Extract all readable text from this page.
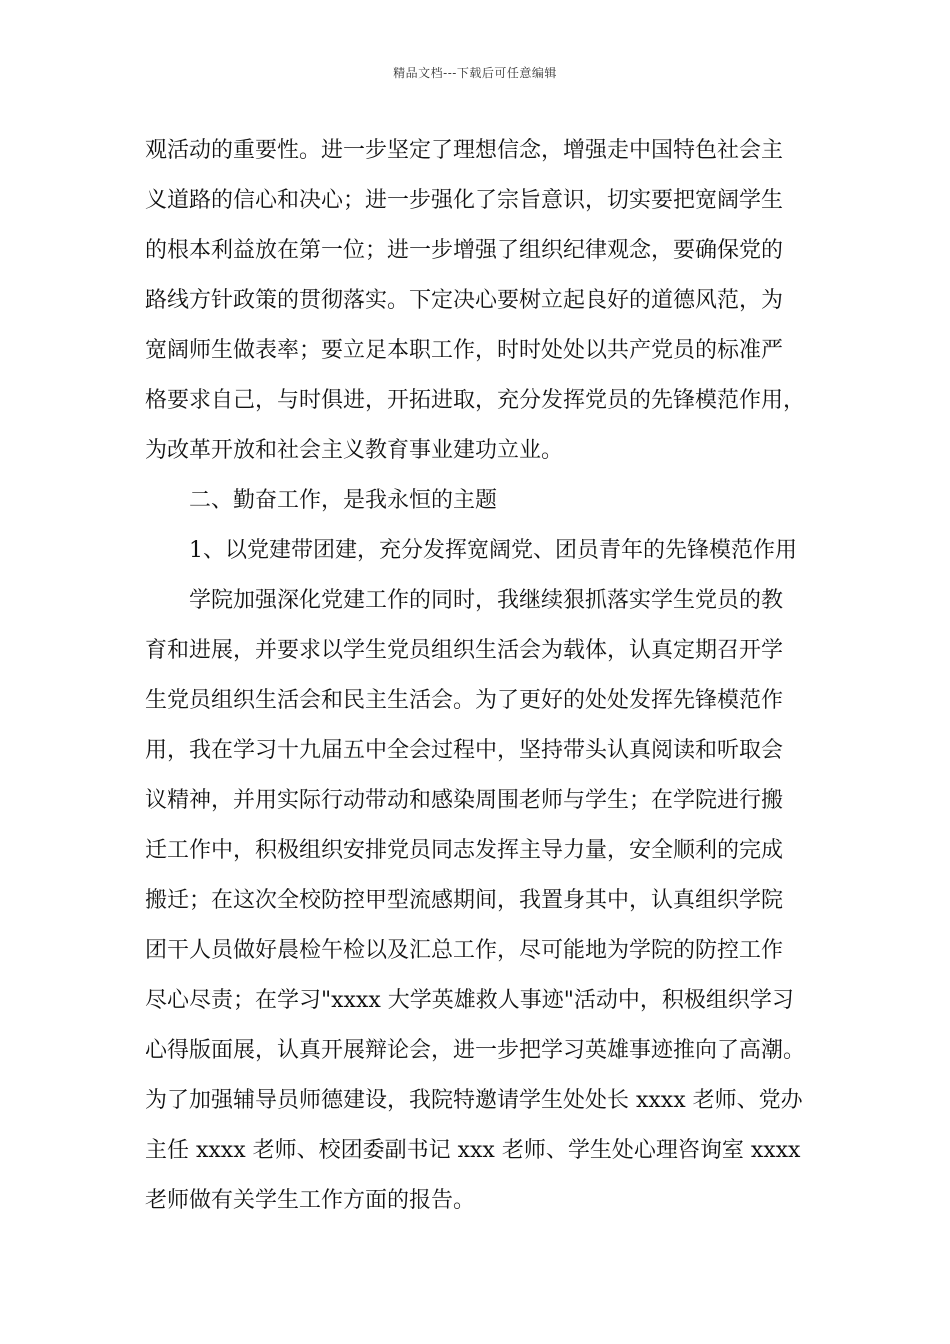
精品文档---下载后可任意编辑
观活动的重要性。进一步坚定了理想信念，增强走中国特色社会主
义道路的信心和决心；进一步强化了宗旨意识，切实要把宽阔学生
的根本利益放在第一位；进一步增强了组织纪律观念，要确保党的
路线方针政策的贯彻落实。下定决心要树立起良好的道德风范，为
宽阔师生做表率；要立足本职工作，时时处处以共产党员的标准严
格要求自己，与时俱进，开拓进取，充分发挥党员的先锋模范作用，
为改革开放和社会主义教育事业建功立业。
二、勤奋工作，是我永恒的主题
1、以党建带团建，充分发挥宽阔党、团员青年的先锋模范作用
学院加强深化党建工作的同时，我继续狠抓落实学生党员的教
育和进展，并要求以学生党员组织生活会为载体，认真定期召开学
生党员组织生活会和民主生活会。为了更好的处处发挥先锋模范作
用，我在学习十九届五中全会过程中，坚持带头认真阅读和听取会
议精神，并用实际行动带动和感染周围老师与学生；在学院进行搬
迁工作中，积极组织安排党员同志发挥主导力量，安全顺利的完成
搬迁；在这次全校防控甲型流感期间，我置身其中，认真组织学院
团干人员做好晨检午检以及汇总工作，尽可能地为学院的防控工作
尽心尽责；在学习"xxxx 大学英雄救人事迹"活动中，积极组织学习
心得版面展，认真开展辩论会，进一步把学习英雄事迹推向了高潮。
为了加强辅导员师德建设，我院特邀请学生处处长 xxxx 老师、党办
主任 xxxx 老师、校团委副书记 xxx 老师、学生处心理咨询室 xxxx
老师做有关学生工作方面的报告。
